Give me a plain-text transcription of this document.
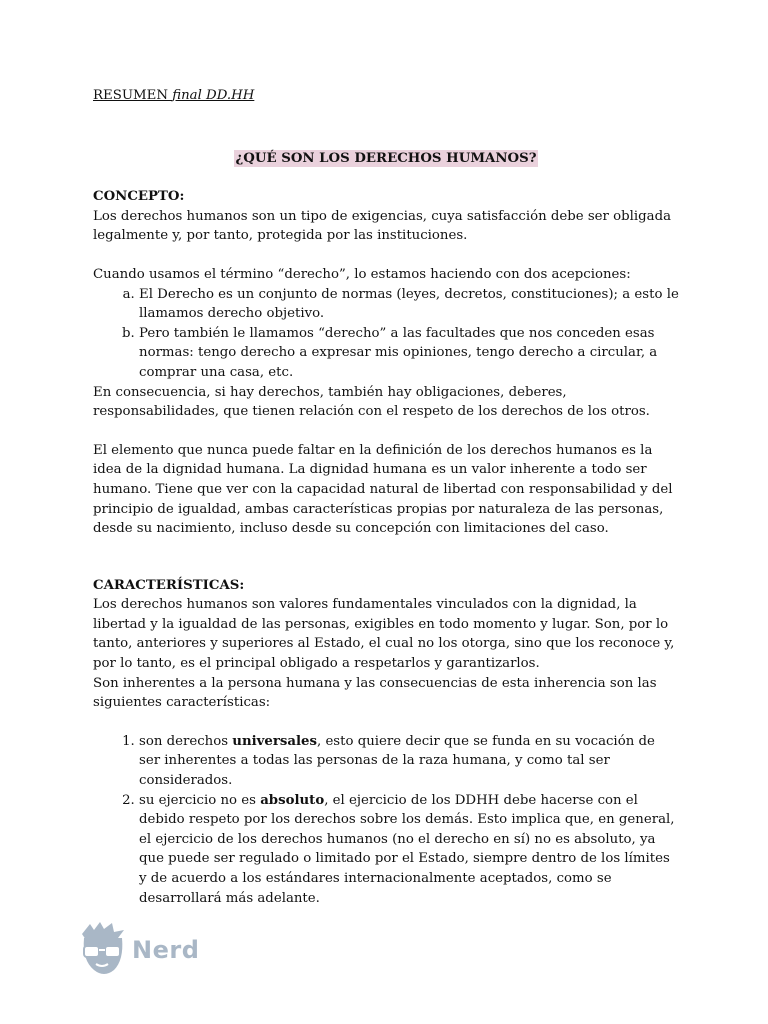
RESUMEN final DD.HH

¿QUÉ SON LOS DERECHOS HUMANOS?

CONCEPTO:

Los derechos humanos son un tipo de exigencias, cuya satisfacción debe ser obligada legalmente y, por tanto, protegida por las instituciones.

Cuando usamos el término “derecho”, lo estamos haciendo con dos acepciones:

a. El Derecho es un conjunto de normas (leyes, decretos, constituciones); a esto le llamamos derecho objetivo.
b. Pero también le llamamos “derecho” a las facultades que nos conceden esas normas: tengo derecho a expresar mis opiniones, tengo derecho a circular, a comprar una casa, etc.

En consecuencia, si hay derechos, también hay obligaciones, deberes, responsabilidades, que tienen relación con el respeto de los derechos de los otros.

El elemento que nunca puede faltar en la definición de los derechos humanos es la idea de la dignidad humana. La dignidad humana es un valor inherente a todo ser humano. Tiene que ver con la capacidad natural de libertad con responsabilidad y del principio de igualdad, ambas características propias por naturaleza de las personas, desde su nacimiento, incluso desde su concepción con limitaciones del caso.

CARACTERÍSTICAS:

Los derechos humanos son valores fundamentales vinculados con la dignidad, la libertad y la igualdad de las personas, exigibles en todo momento y lugar. Son, por lo tanto, anteriores y superiores al Estado, el cual no los otorga, sino que los reconoce y, por lo tanto, es el principal obligado a respetarlos y garantizarlos.

Son inherentes a la persona humana y las consecuencias de esta inherencia son las siguientes características:

1. son derechos universales, esto quiere decir que se funda en su vocación de ser inherentes a todas las personas de la raza humana, y como tal ser considerados.
2. su ejercicio no es absoluto, el ejercicio de los DDHH debe hacerse con el debido respeto por los derechos sobre los demás. Esto implica que, en general, el ejercicio de los derechos humanos (no el derecho en sí) no es absoluto, ya que puede ser regulado o limitado por el Estado, siempre dentro de los límites y de acuerdo a los estándares internacionalmente aceptados, como se desarrollará más adelante.
Nerd
